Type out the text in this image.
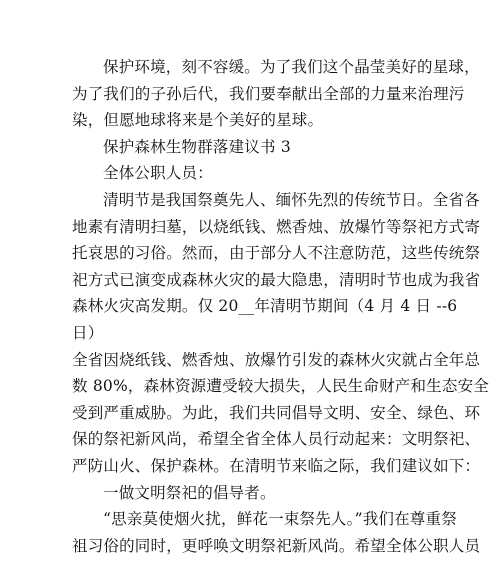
保护环境，刻不容缓。为了我们这个晶莹美好的星球，
为了我们的子孙后代，我们要奉献出全部的力量来治理污
染，但愿地球将来是个美好的星球。
保护森林生物群落建议书 3
全体公职人员：
清明节是我国祭奠先人、缅怀先烈的传统节日。全省各
地素有清明扫墓，以烧纸钱、燃香烛、放爆竹等祭祀方式寄
托哀思的习俗。然而，由于部分人不注意防范，这些传统祭
祀方式已演变成森林火灾的最大隐患，清明时节也成为我省
森林火灾高发期。仅 20__年清明节期间（4 月 4 日 --6
日）
全省因烧纸钱、燃香烛、放爆竹引发的森林火灾就占全年总
数 80%，森林资源遭受较大损失，人民生命财产和生态安全
受到严重威胁。为此，我们共同倡导文明、安全、绿色、环
保的祭祀新风尚，希望全省全体人员行动起来：文明祭祀、
严防山火、保护森林。在清明节来临之际，我们建议如下：
一做文明祭祀的倡导者。
“思亲莫使烟火扰，鲜花一束祭先人。”我们在尊重祭
祖习俗的同时，更呼唤文明祭祀新风尚。希望全体公职人员
